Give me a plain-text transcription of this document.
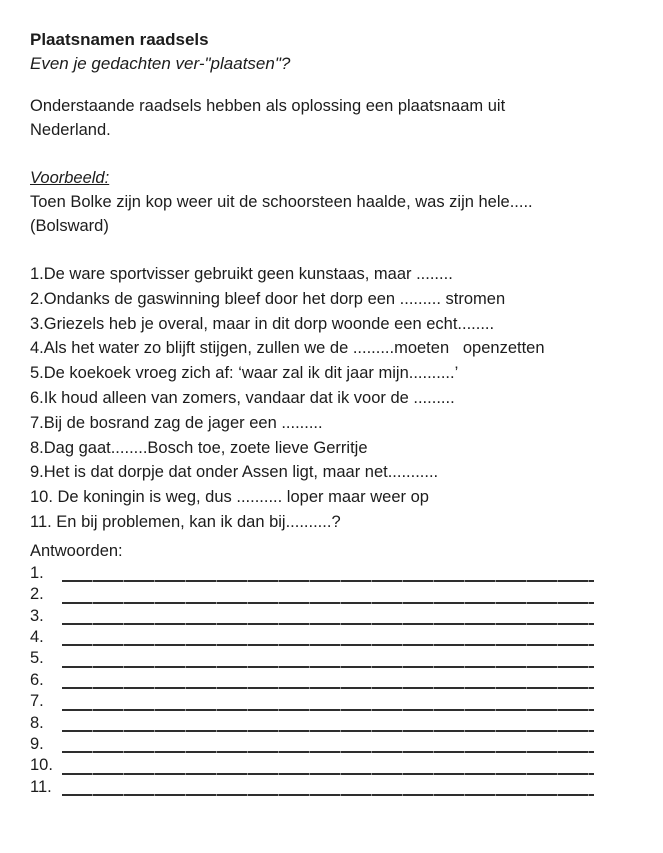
Plaatsnamen raadsels
Even je gedachten ver-"plaatsen"?
Onderstaande raadsels hebben als oplossing een plaatsnaam uit Nederland.
Voorbeeld:
Toen Bolke zijn kop weer uit de schoorsteen haalde, was zijn hele.....
(Bolsward)
1.De ware sportvisser gebruikt geen kunstaas, maar ........
2.Ondanks de gaswinning bleef door het dorp een ......... stromen
3.Griezels heb je overal, maar in dit dorp woonde een echt........
4.Als het water zo blijft stijgen, zullen we de .........moeten   openzetten
5.De koekoek vroeg zich af: ‘waar zal ik dit jaar mijn..........’
6.Ik houd alleen van zomers, vandaar dat ik voor de .........
7.Bij de bosrand zag de jager een .........
8.Dag gaat........Bosch toe, zoete lieve Gerritje
9.Het is dat dorpje dat onder Assen ligt, maar net...........
10. De koningin is weg, dus .......... loper maar weer op
11. En bij problemen, kan ik dan bij..........?
Antwoorden:
1.
2.
3.
4.
5.
6.
7.
8.
9.
10.
11.
